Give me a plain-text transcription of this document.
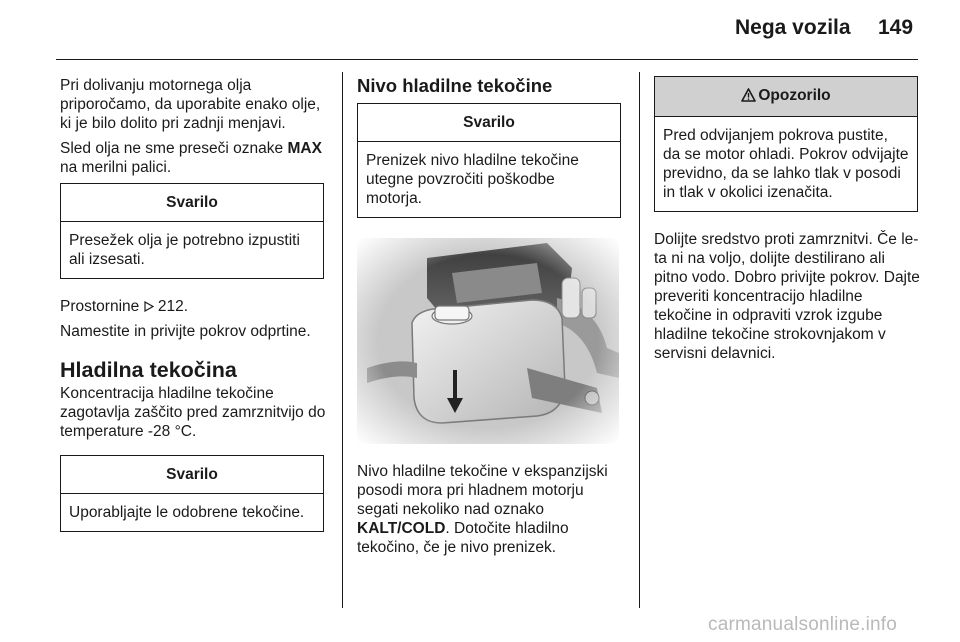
Nega vozila 149

Pri dolivanju motornega olja priporočamo, da uporabite enako olje, ki je bilo dolito pri zadnji menjavi.

Sled olja ne sme preseči oznake MAX na merilni palici.

Svarilo
Presežek olja je potrebno izpustiti ali izsesati.

Prostornine  212.

Namestite in privijte pokrov odprtine.

Hladilna tekočina

Koncentracija hladilne tekočine zagotavlja zaščito pred zamrznitvijo do temperature -28 °C.

Svarilo
Uporabljajte le odobrene tekočine.
Nivo hladilne tekočine
Svarilo
Prenizek nivo hladilne tekočine utegne povzročiti poškodbe motorja.

Nivo hladilne tekočine v ekspanzijski posodi mora pri hladnem motorju segati nekoliko nad oznako KALT/COLD. Dotočite hladilno tekočino, če je nivo prenizek.

Opozorilo
Pred odvijanjem pokrova pustite, da se motor ohladi. Pokrov odvijajte previdno, da se lahko tlak v posodi in tlak v okolici izenačita.

Dolijte sredstvo proti zamrznitvi. Če le-ta ni na voljo, dolijte destilirano ali pitno vodo. Dobro privijte pokrov. Dajte preveriti koncentracijo hladilne tekočine in odpraviti vzrok izgube hladilne tekočine strokovnjakom v servisni delavnici.

carmanualsonline.info
